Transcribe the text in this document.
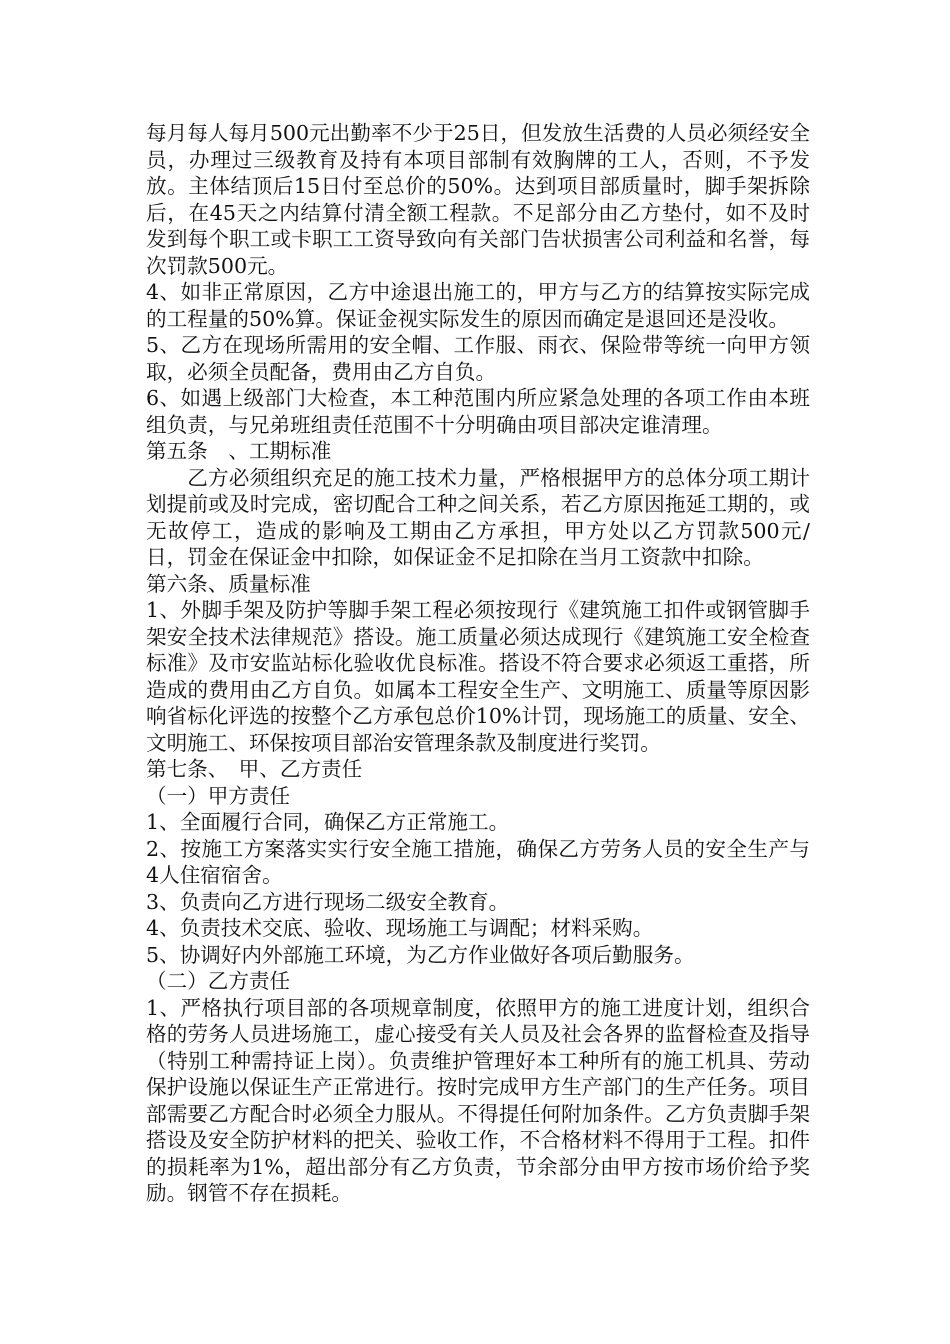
每月每人每月500元出勤率不少于25日，但发放生活费的人员必须经安全员，办理过三级教育及持有本项目部制有效胸牌的工人，否则，不予发放。主体结顶后15日付至总价的50%。达到项目部质量时，脚手架拆除后，在45天之内结算付清全额工程款。不足部分由乙方垫付，如不及时发到每个职工或卡职工工资导致向有关部门告状损害公司利益和名誉，每次罚款500元。

4、如非正常原因，乙方中途退出施工的，甲方与乙方的结算按实际完成的工程量的50%算。保证金视实际发生的原因而确定是退回还是没收。

5、乙方在现场所需用的安全帽、工作服、雨衣、保险带等统一向甲方领取，必须全员配备，费用由乙方自负。

6、如遇上级部门大检查，本工种范围内所应紧急处理的各项工作由本班组负责，与兄弟班组责任范围不十分明确由项目部决定谁清理。

第五条　、工期标准

乙方必须组织充足的施工技术力量，严格根据甲方的总体分项工期计划提前或及时完成，密切配合工种之间关系，若乙方原因拖延工期的，或无故停工，造成的影响及工期由乙方承担，甲方处以乙方罚款500元/日，罚金在保证金中扣除，如保证金不足扣除在当月工资款中扣除。

第六条、质量标准

1、外脚手架及防护等脚手架工程必须按现行《建筑施工扣件或钢管脚手架安全技术法律规范》搭设。施工质量必须达成现行《建筑施工安全检查标准》及市安监站标化验收优良标准。搭设不符合要求必须返工重搭，所造成的费用由乙方自负。如属本工程安全生产、文明施工、质量等原因影响省标化评选的按整个乙方承包总价10%计罚，现场施工的质量、安全、文明施工、环保按项目部治安管理条款及制度进行奖罚。

第七条、　甲、乙方责任

（一）甲方责任

1、全面履行合同，确保乙方正常施工。

2、按施工方案落实实行安全施工措施，确保乙方劳务人员的安全生产与4人住宿宿舍。

3、负责向乙方进行现场二级安全教育。

4、负责技术交底、验收、现场施工与调配；材料采购。

5、协调好内外部施工环境，为乙方作业做好各项后勤服务。

（二）乙方责任

1、严格执行项目部的各项规章制度，依照甲方的施工进度计划，组织合格的劳务人员进场施工，虚心接受有关人员及社会各界的监督检查及指导（特别工种需持证上岗）。负责维护管理好本工种所有的施工机具、劳动保护设施以保证生产正常进行。按时完成甲方生产部门的生产任务。项目部需要乙方配合时必须全力服从。不得提任何附加条件。乙方负责脚手架搭设及安全防护材料的把关、验收工作，不合格材料不得用于工程。扣件的损耗率为1%，超出部分有乙方负责，节余部分由甲方按市场价给予奖励。钢管不存在损耗。
